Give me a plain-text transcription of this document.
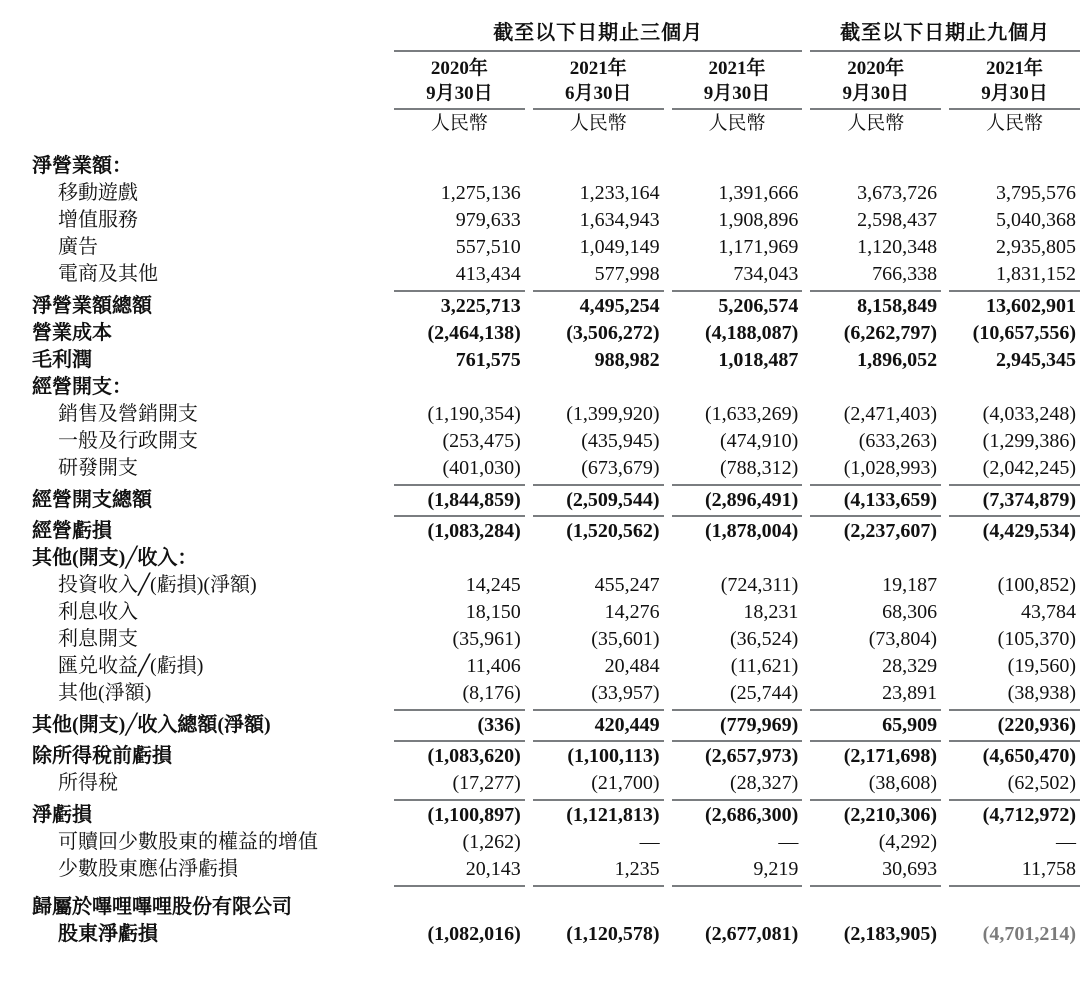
	截至以下日期止三個月						截至以下日期止九個月		

	2020年
9月30日		2021年
6月30日		2021年
9月30日		2020年
9月30日		2021年
9月30日

	人民幣		人民幣		人民幣		人民幣		人民幣

淨營業額：									
移動遊戲	1,275,136		1,233,164		1,391,666		3,673,726		3,795,576
增值服務	979,633		1,634,943		1,908,896		2,598,437		5,040,368
廣告	557,510		1,049,149		1,171,969		1,120,348		2,935,805
電商及其他	413,434		577,998		734,043		766,338		1,831,152

淨營業額總額	3,225,713		4,495,254		5,206,574		8,158,849		13,602,901
營業成本	(2,464,138)		(3,506,272)		(4,188,087)		(6,262,797)		(10,657,556)
毛利潤	761,575		988,982		1,018,487		1,896,052		2,945,345
經營開支：									
銷售及營銷開支	(1,190,354)		(1,399,920)		(1,633,269)		(2,471,403)		(4,033,248)
一般及行政開支	(253,475)		(435,945)		(474,910)		(633,263)		(1,299,386)
研發開支	(401,030)		(673,679)		(788,312)		(1,028,993)		(2,042,245)

經營開支總額	(1,844,859)		(2,509,544)		(2,896,491)		(4,133,659)		(7,374,879)

經營虧損	(1,083,284)		(1,520,562)		(1,878,004)		(2,237,607)		(4,429,534)
其他(開支)╱收入：									
投資收入╱(虧損)(淨額)	14,245		455,247		(724,311)		19,187		(100,852)
利息收入	18,150		14,276		18,231		68,306		43,784
利息開支	(35,961)		(35,601)		(36,524)		(73,804)		(105,370)
匯兑收益╱(虧損)	11,406		20,484		(11,621)		28,329		(19,560)
其他(淨額)	(8,176)		(33,957)		(25,744)		23,891		(38,938)

其他(開支)╱收入總額(淨額)	(336)		420,449		(779,969)		65,909		(220,936)

除所得稅前虧損	(1,083,620)		(1,100,113)		(2,657,973)		(2,171,698)		(4,650,470)
所得稅	(17,277)		(21,700)		(28,327)		(38,608)		(62,502)

淨虧損	(1,100,897)		(1,121,813)		(2,686,300)		(2,210,306)		(4,712,972)
可贖回少數股東的權益的增值	(1,262)		—		—		(4,292)		—
少數股東應佔淨虧損	20,143		1,235		9,219		30,693		11,758

歸屬於嗶哩嗶哩股份有限公司									
股東淨虧損	(1,082,016)		(1,120,578)		(2,677,081)		(2,183,905)		(4,701,214)
